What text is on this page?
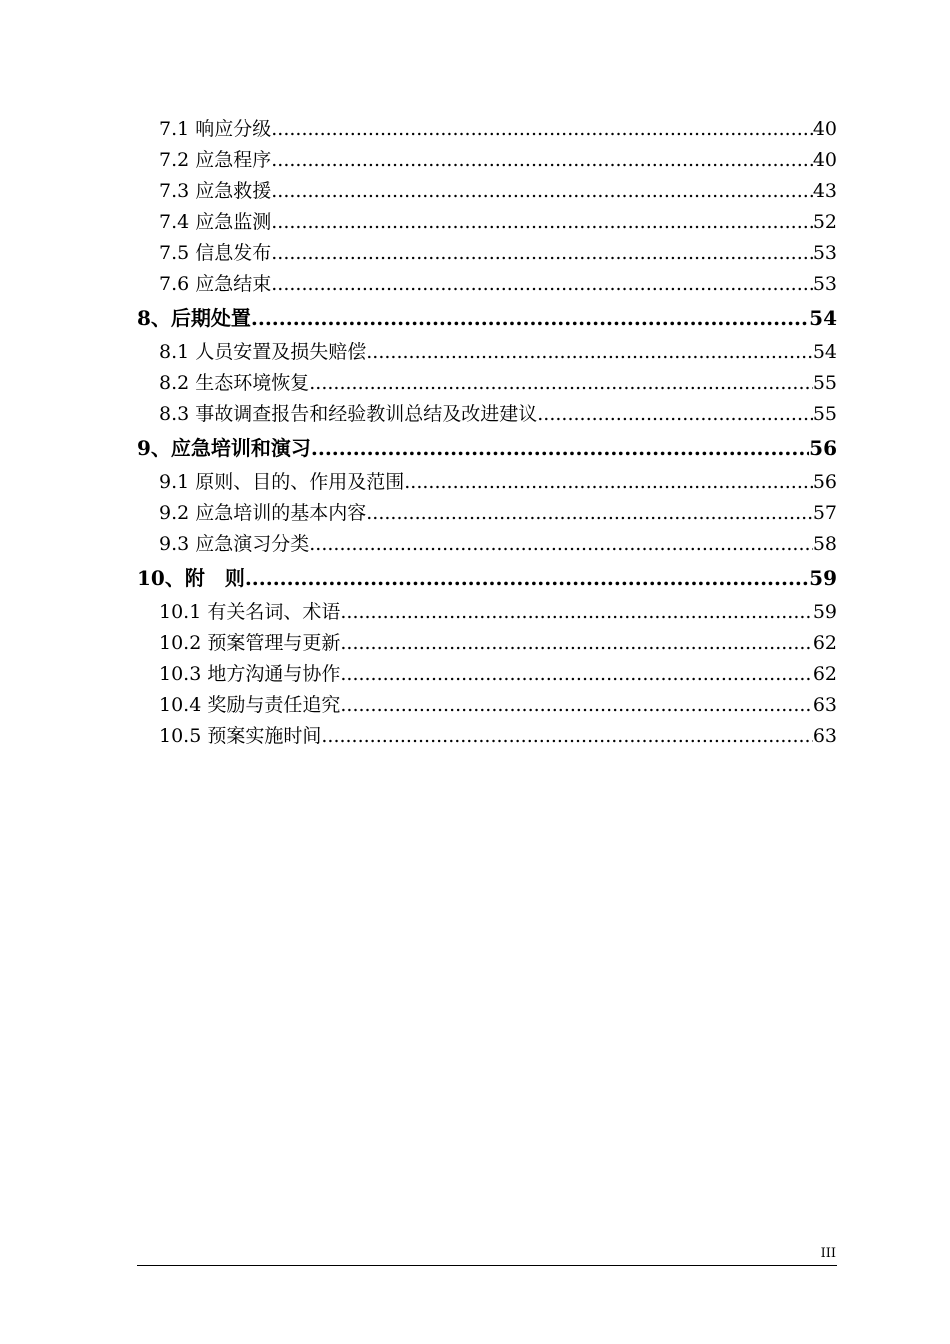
7.1 响应分级 .....	40
7.2 应急程序 .....	40
7.3 应急救援 .....	43
7.4 应急监测 .....	52
7.5 信息发布 .....	53
7.6 应急结束 .....	53
8、后期处置 .....	54
8.1 人员安置及损失赔偿 .....	54
8.2 生态环境恢复 .....	55
8.3 事故调查报告和经验教训总结及改进建议 .....	55
9、应急培训和演习 .....	56
9.1 原则、目的、作用及范围 .....	56
9.2 应急培训的基本内容 .....	57
9.3 应急演习分类 .....	58
10、附　则 .....	59
10.1 有关名词、术语 .....	59
10.2 预案管理与更新 .....	62
10.3 地方沟通与协作 .....	62
10.4 奖励与责任追究 .....	63
10.5 预案实施时间 .....	63
III
